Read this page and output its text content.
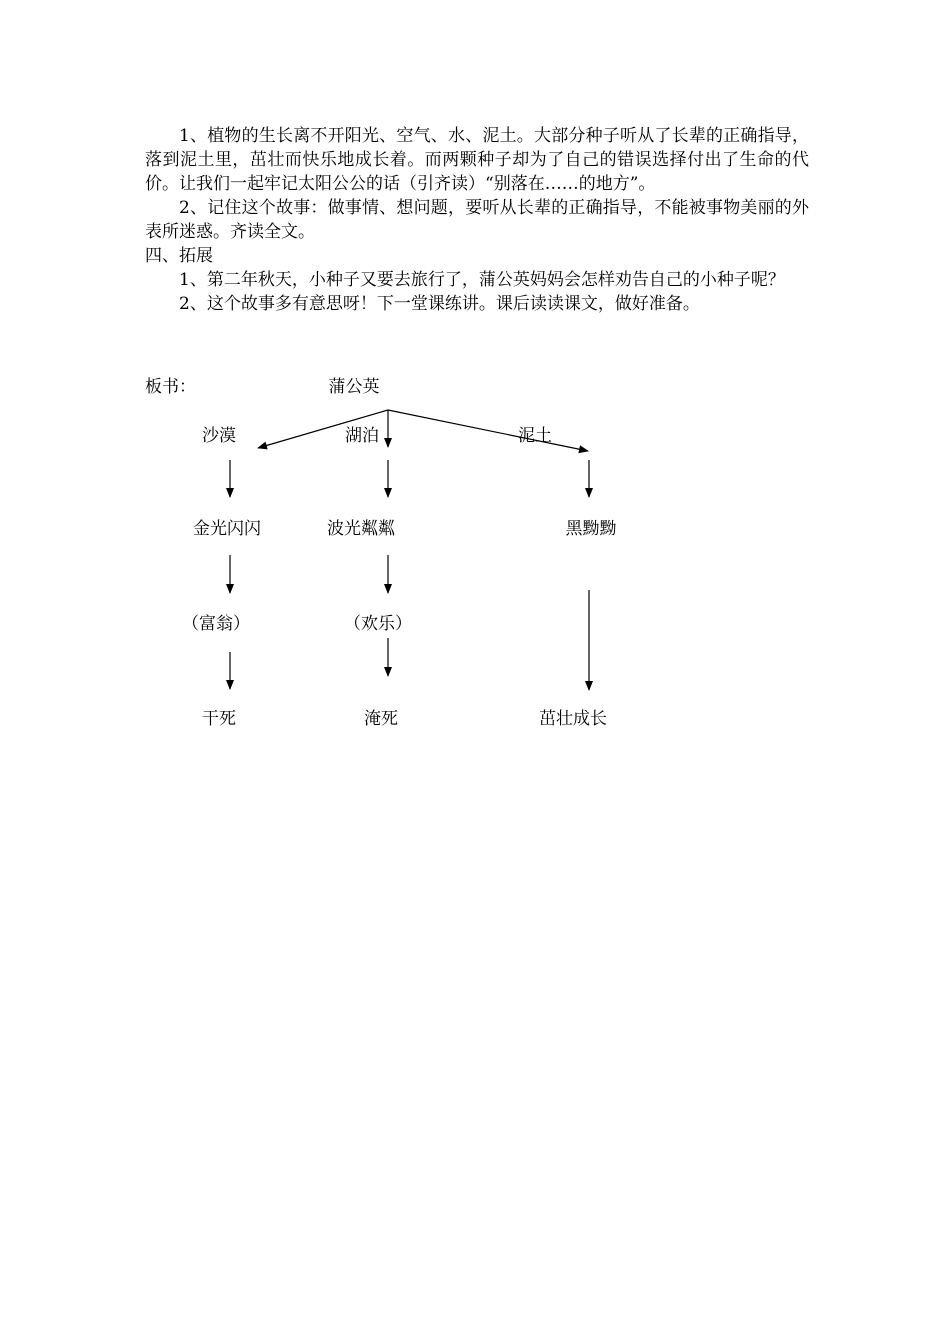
1、植物的生长离不开阳光、空气、水、泥土。大部分种子听从了长辈的正确指导，落到泥土里，茁壮而快乐地成长着。而两颗种子却为了自己的错误选择付出了生命的代价。让我们一起牢记太阳公公的话（引齐读）“别落在……的地方”。

2、记住这个故事：做事情、想问题，要听从长辈的正确指导，不能被事物美丽的外表所迷惑。齐读全文。

四、拓展

1、第二年秋天，小种子又要去旅行了，蒲公英妈妈会怎样劝告自己的小种子呢？

2、这个故事多有意思呀！下一堂课练讲。课后读读课文，做好准备。

板书：	蒲公英
沙漠	湖泊	泥土
金光闪闪	波光粼粼	黑黝黝
（富翁）	（欢乐）
干死	淹死	茁壮成长
